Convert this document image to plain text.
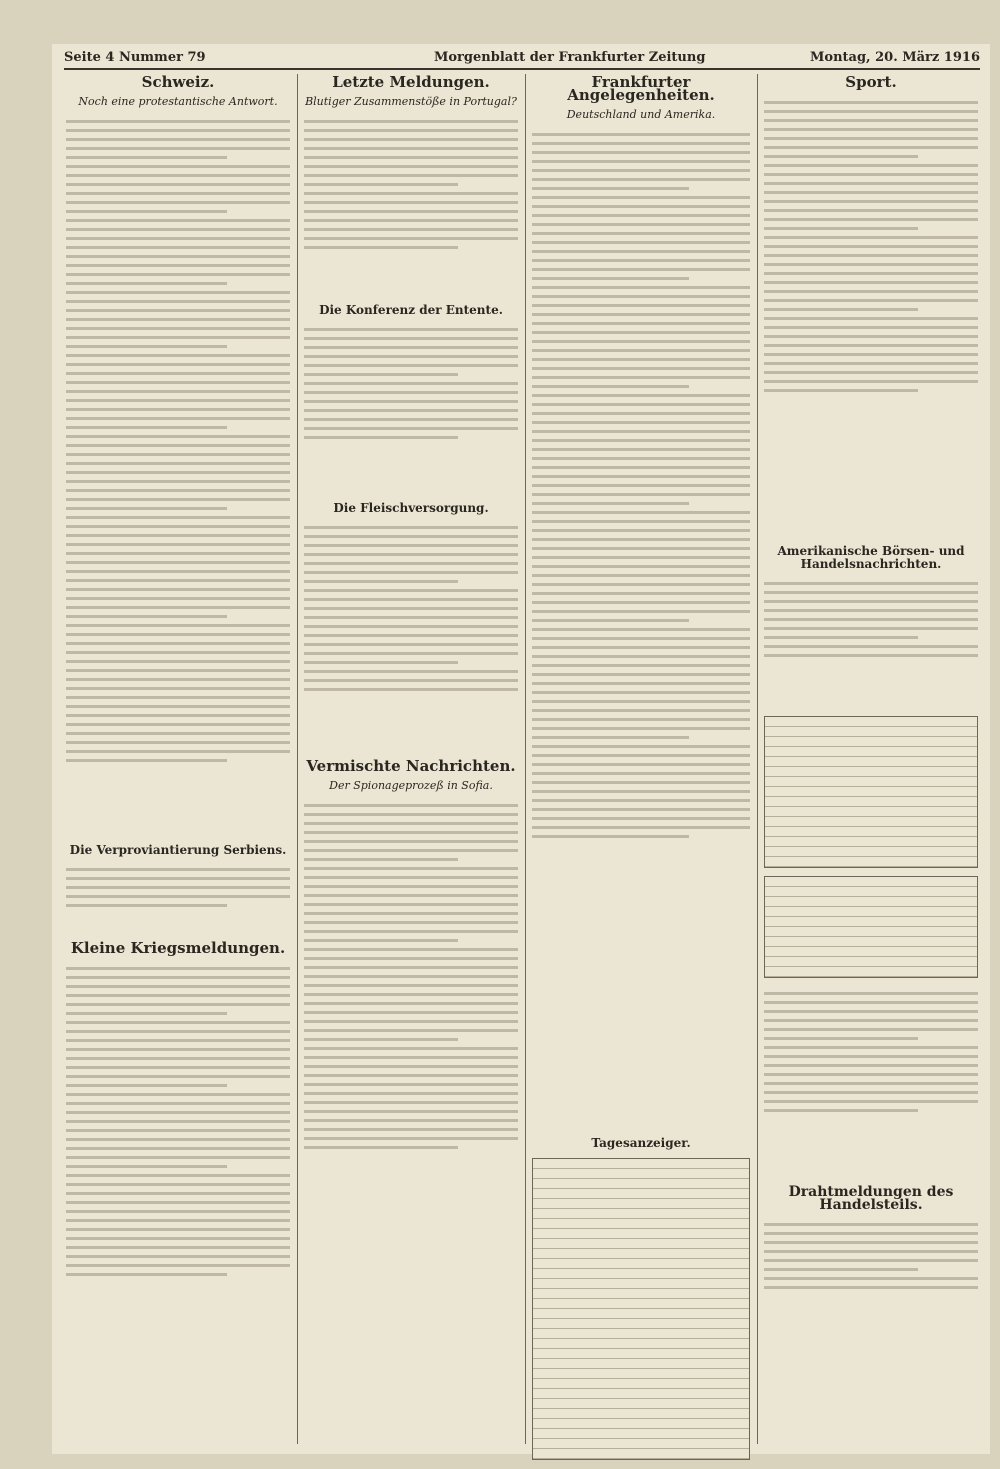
Seite 4 Nummer 79	Morgenblatt der Frankfurter Zeitung	Montag, 20. März 1916
Schweiz.
Noch eine protestantische Antwort.
Die Verproviantierung Serbiens.
Kleine Kriegsmeldungen.
Letzte Meldungen.
Blutiger Zusammenstöße in Portugal?
Die Konferenz der Entente.
Die Fleischversorgung.
Vermischte Nachrichten.
Der Spionageprozeß in Sofia.
Frankfurter Angelegenheiten.
Deutschland und Amerika.
Tagesanzeiger.
Sport.
Amerikanische Börsen- und Handelsnachrichten.
Drahtmeldungen des Handelsteils.
